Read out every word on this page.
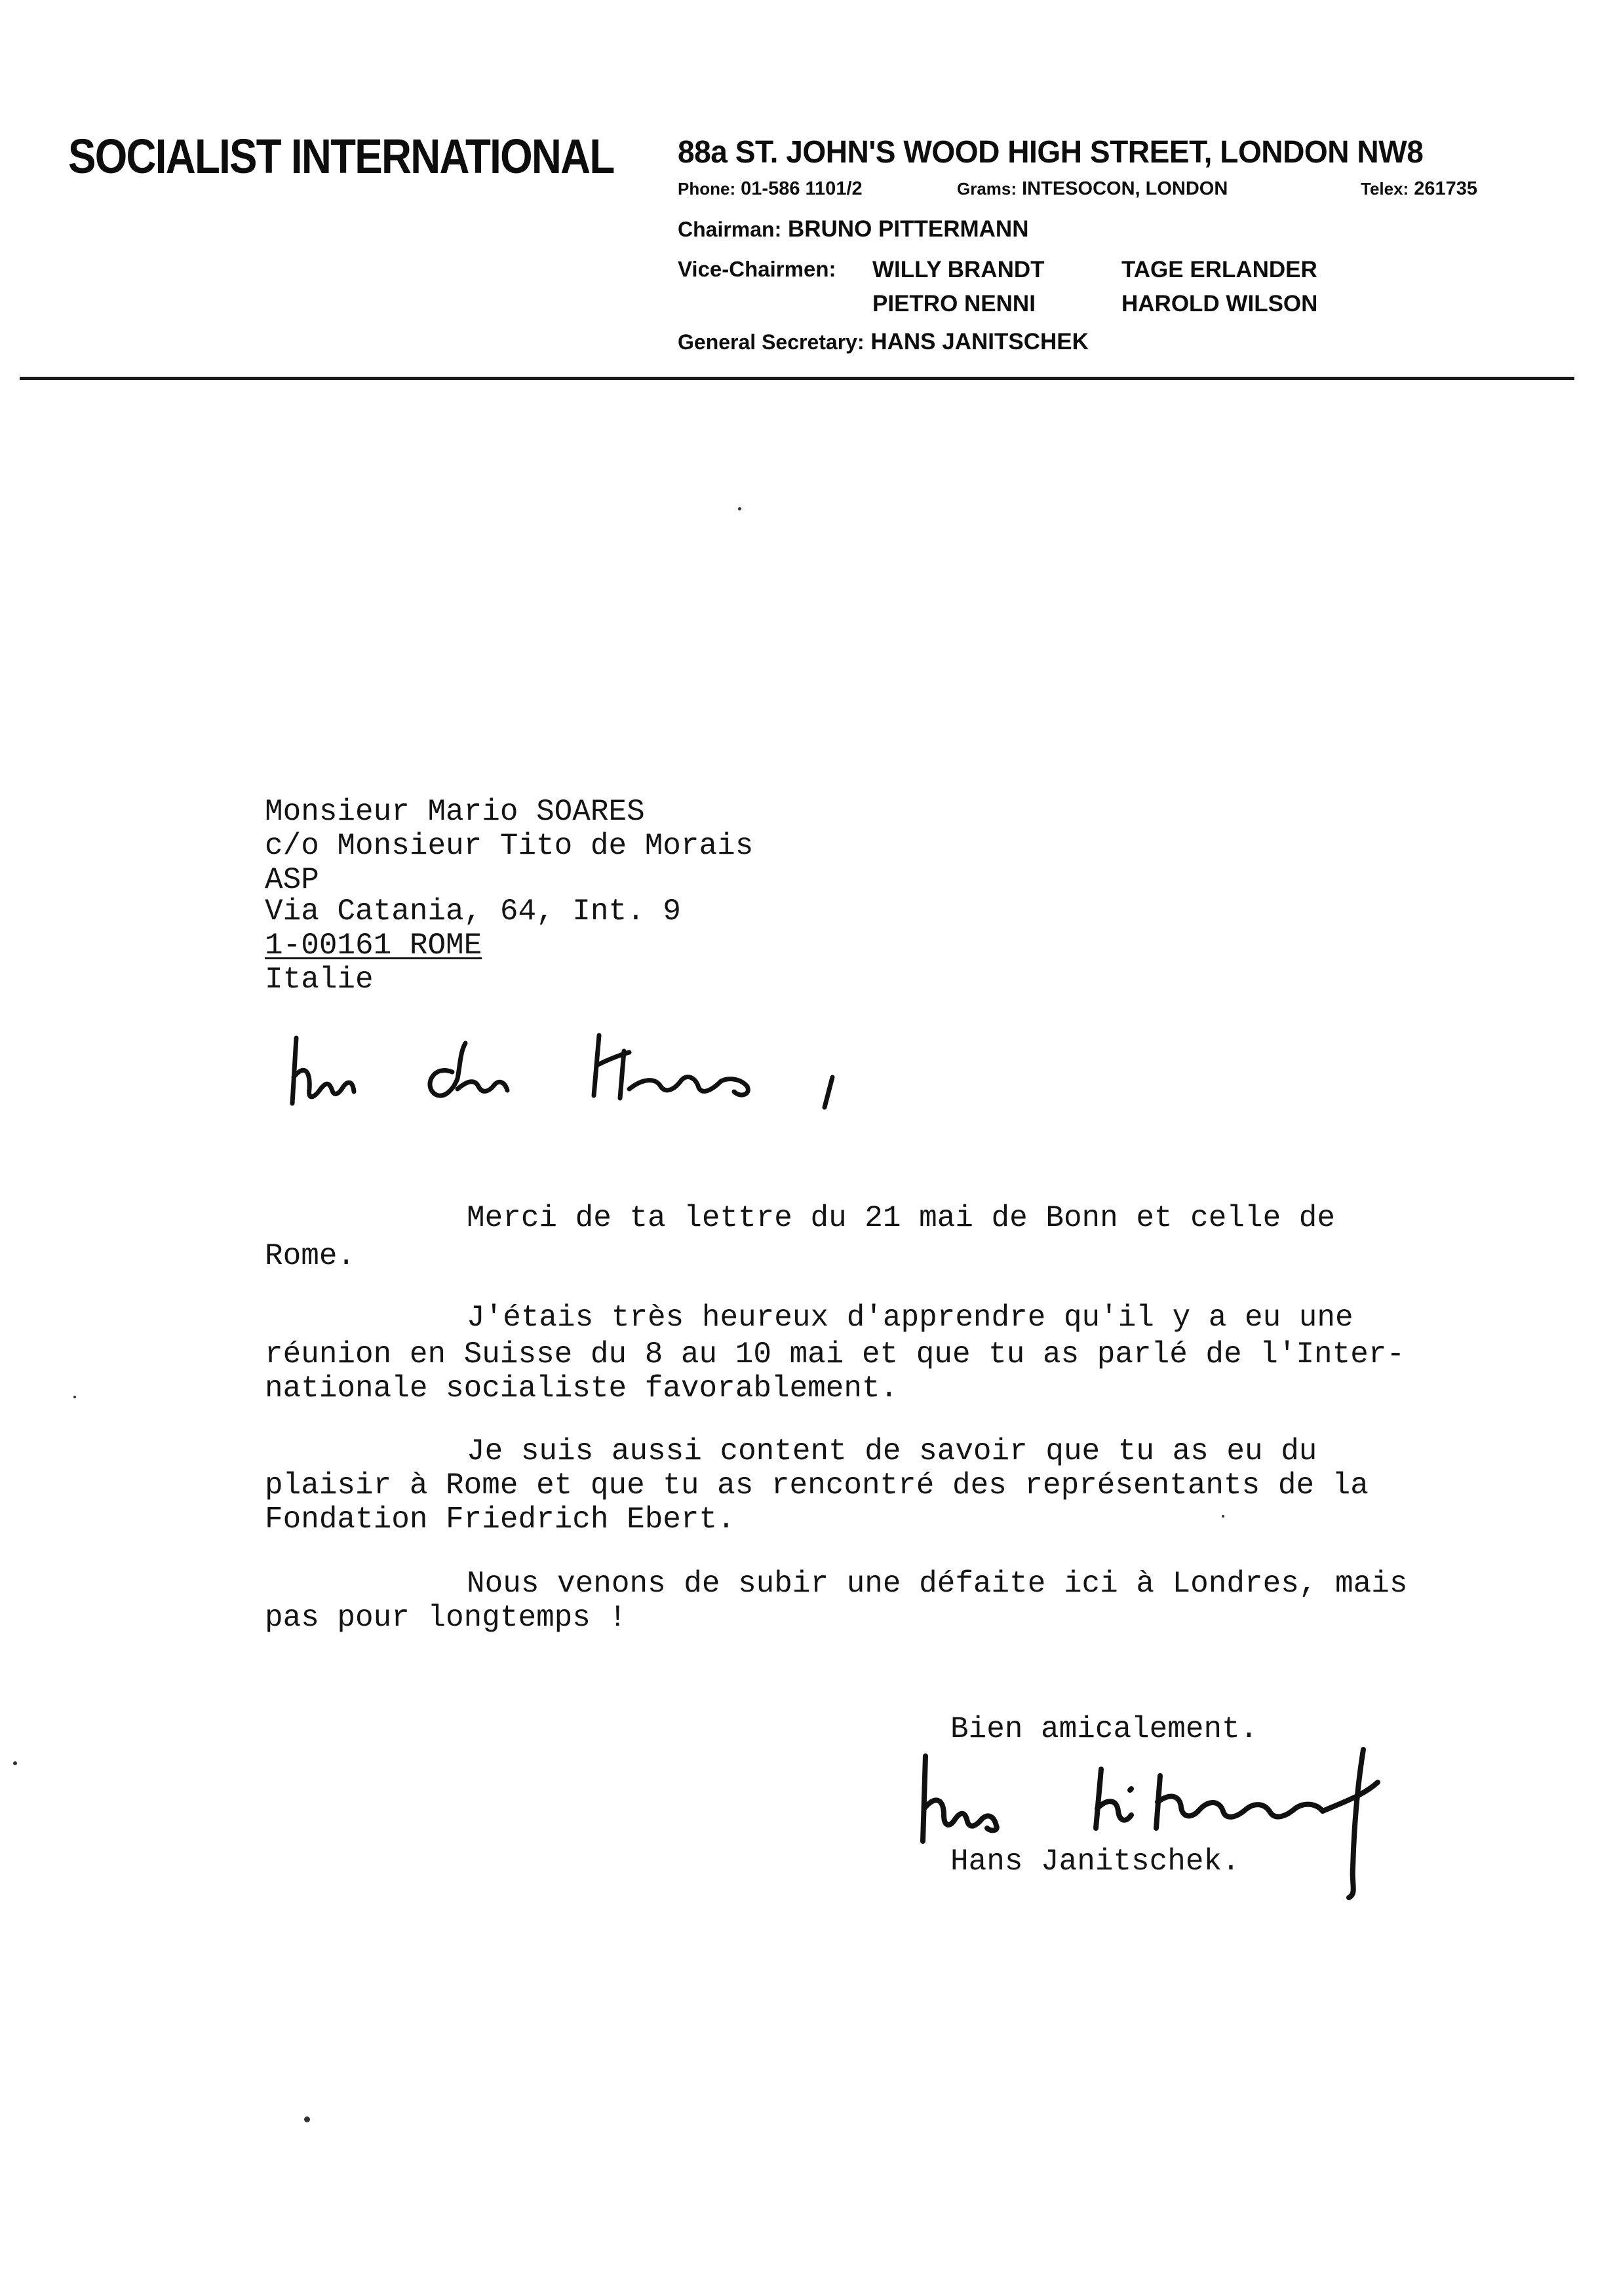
SOCIALIST INTERNATIONAL 88a ST. JOHN'S WOOD HIGH STREET, LONDON NW8
Phone: 01-586 1101/2	Grams: INTESOCON, LONDON	Telex: 261735
Chairman: BRUNO PITTERMANN
Vice-Chairmen: WILLY BRANDT	TAGE ERLANDER
PIETRO NENNI	HAROLD WILSON
General Secretary: HANS JANITSCHEK
Monsieur Mario SOARES
c/o Monsieur Tito de Morais
ASP
Via Catania, 64, Int. 9
1-00161 ROME
Italie
Merci de ta lettre du 21 mai de Bonn et celle de
Rome.
J'étais très heureux d'apprendre qu'il y a eu une
réunion en Suisse du 8 au 10 mai et que tu as parlé de l'Inter-
nationale socialiste favorablement.
Je suis aussi content de savoir que tu as eu du
plaisir à Rome et que tu as rencontré des représentants de la
Fondation Friedrich Ebert.
Nous venons de subir une défaite ici à Londres, mais
pas pour longtemps !
Bien amicalement.
Hans Janitschek.
